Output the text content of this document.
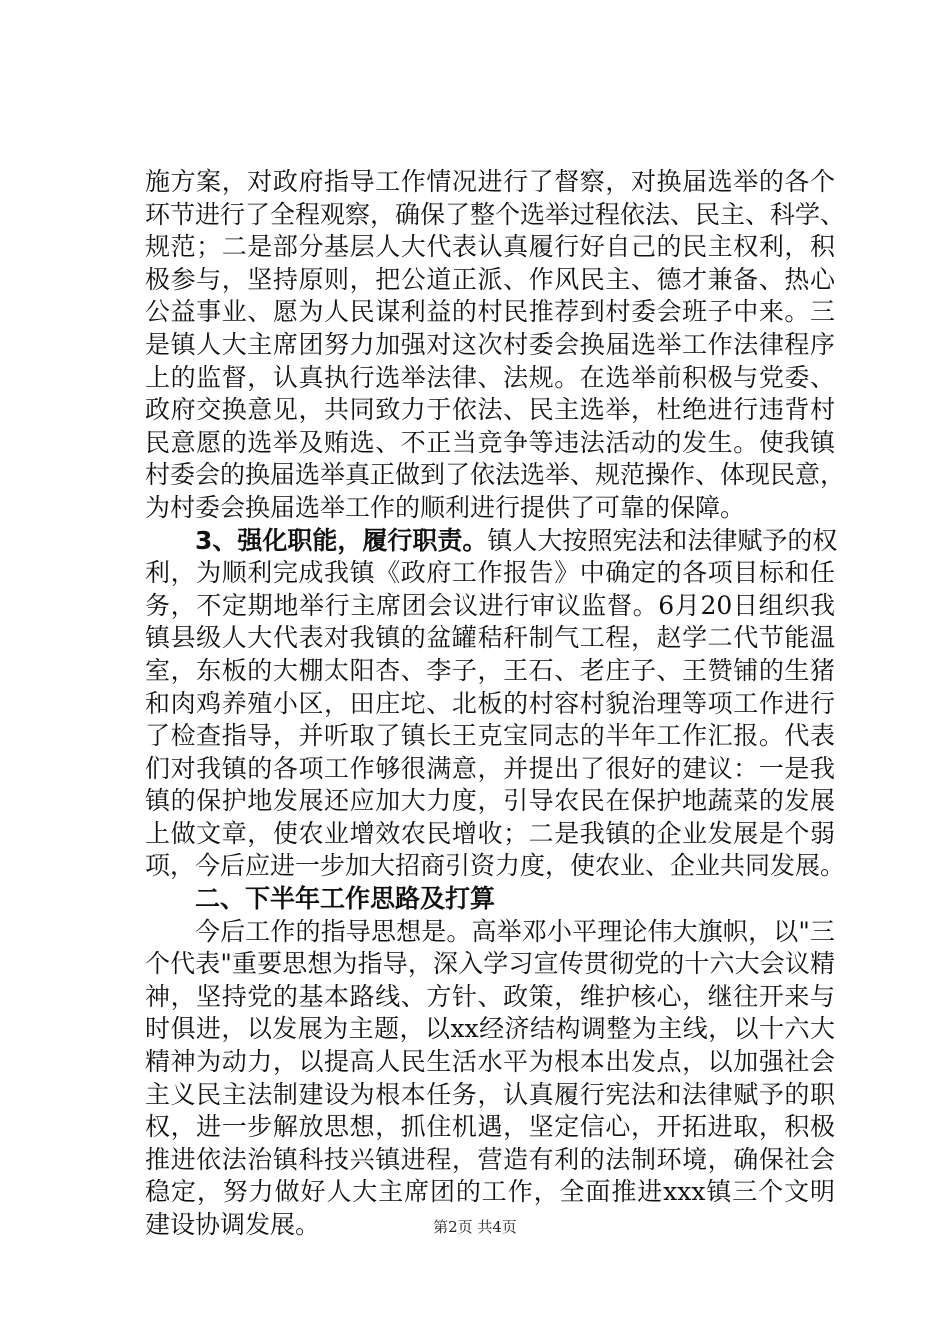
施方案，对政府指导工作情况进行了督察，对换届选举的各个
环节进行了全程观察，确保了整个选举过程依法、民主、科学、
规范；二是部分基层人大代表认真履行好自己的民主权利，积
极参与，坚持原则，把公道正派、作风民主、德才兼备、热心
公益事业、愿为人民谋利益的村民推荐到村委会班子中来。三
是镇人大主席团努力加强对这次村委会换届选举工作法律程序
上的监督，认真执行选举法律、法规。在选举前积极与党委、
政府交换意见，共同致力于依法、民主选举，杜绝进行违背村
民意愿的选举及贿选、不正当竞争等违法活动的发生。使我镇
村委会的换届选举真正做到了依法选举、规范操作、体现民意，
为村委会换届选举工作的顺利进行提供了可靠的保障。
3、强化职能，履行职责。镇人大按照宪法和法律赋予的权
利，为顺利完成我镇《政府工作报告》中确定的各项目标和任
务，不定期地举行主席团会议进行审议监督。6月20日组织我
镇县级人大代表对我镇的盆罐秸秆制气工程，赵学二代节能温
室，东板的大棚太阳杏、李子，王石、老庄子、王赞铺的生猪
和肉鸡养殖小区，田庄坨、北板的村容村貌治理等项工作进行
了检查指导，并听取了镇长王克宝同志的半年工作汇报。代表
们对我镇的各项工作够很满意，并提出了很好的建议：一是我
镇的保护地发展还应加大力度，引导农民在保护地蔬菜的发展
上做文章，使农业增效农民增收；二是我镇的企业发展是个弱
项，今后应进一步加大招商引资力度，使农业、企业共同发展。
二、下半年工作思路及打算
今后工作的指导思想是。高举邓小平理论伟大旗帜，以"三
个代表"重要思想为指导，深入学习宣传贯彻党的十六大会议精
神，坚持党的基本路线、方针、政策，维护核心，继往开来与
时俱进，以发展为主题，以xx经济结构调整为主线，以十六大
精神为动力，以提高人民生活水平为根本出发点，以加强社会
主义民主法制建设为根本任务，认真履行宪法和法律赋予的职
权，进一步解放思想，抓住机遇，坚定信心，开拓进取，积极
推进依法治镇科技兴镇进程，营造有利的法制环境，确保社会
稳定，努力做好人大主席团的工作，全面推进xxx镇三个文明
建设协调发展。	第2页 共4页
